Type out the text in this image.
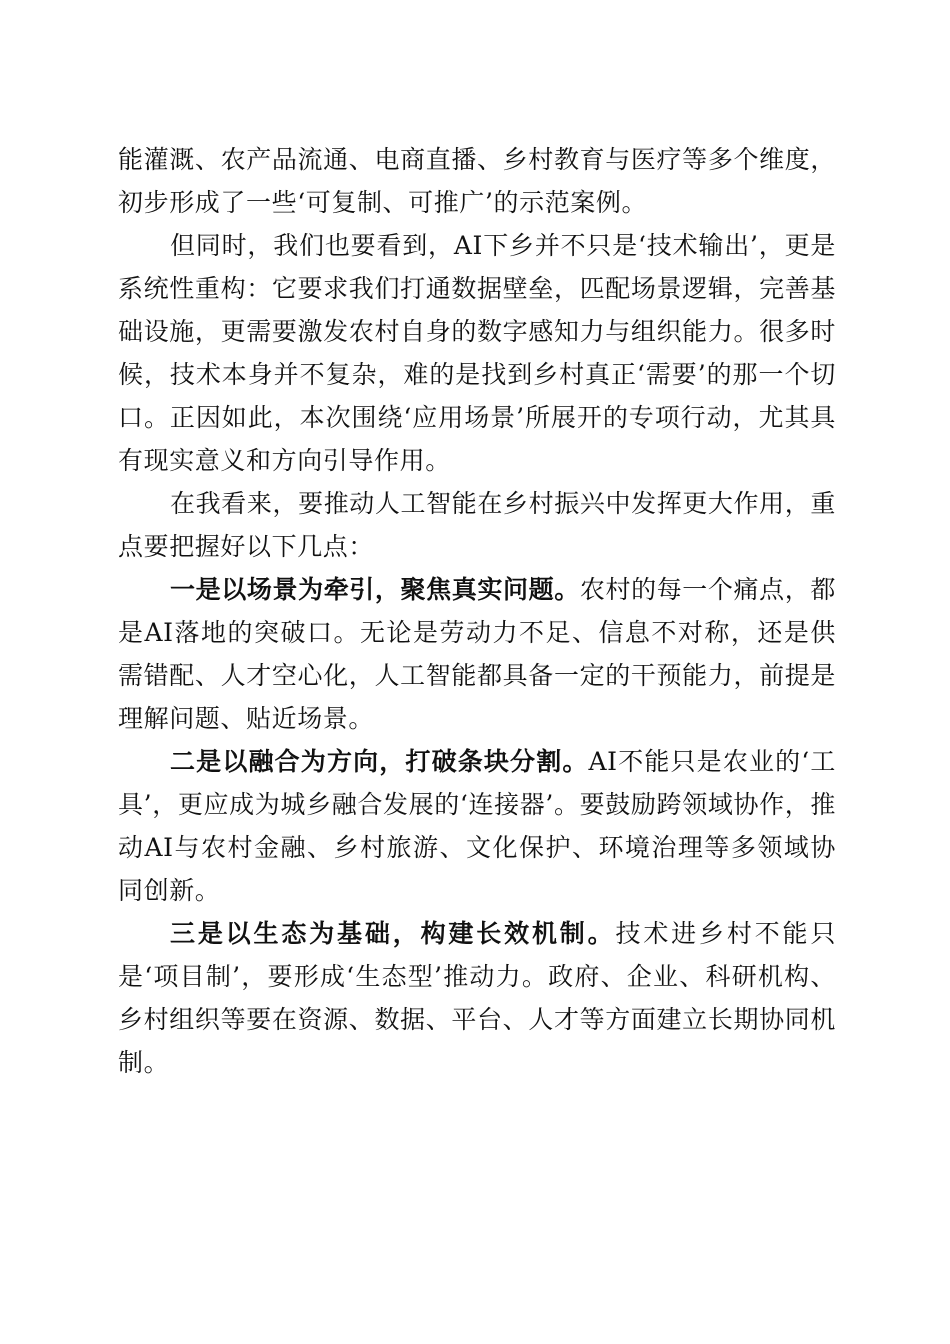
能灌溉、农产品流通、电商直播、乡村教育与医疗等多个维度，初步形成了一些‘可复制、可推广’的示范案例。

但同时，我们也要看到，AI下乡并不只是‘技术输出’，更是系统性重构：它要求我们打通数据壁垒，匹配场景逻辑，完善基础设施，更需要激发农村自身的数字感知力与组织能力。很多时候，技术本身并不复杂，难的是找到乡村真正‘需要’的那一个切口。正因如此，本次围绕‘应用场景’所展开的专项行动，尤其具有现实意义和方向引导作用。

在我看来，要推动人工智能在乡村振兴中发挥更大作用，重点要把握好以下几点：

一是以场景为牵引，聚焦真实问题。农村的每一个痛点，都是AI落地的突破口。无论是劳动力不足、信息不对称，还是供需错配、人才空心化，人工智能都具备一定的干预能力，前提是理解问题、贴近场景。

二是以融合为方向，打破条块分割。AI不能只是农业的‘工具’，更应成为城乡融合发展的‘连接器’。要鼓励跨领域协作，推动AI与农村金融、乡村旅游、文化保护、环境治理等多领域协同创新。

三是以生态为基础，构建长效机制。技术进乡村不能只是‘项目制’，要形成‘生态型’推动力。政府、企业、科研机构、乡村组织等要在资源、数据、平台、人才等方面建立长期协同机制。
